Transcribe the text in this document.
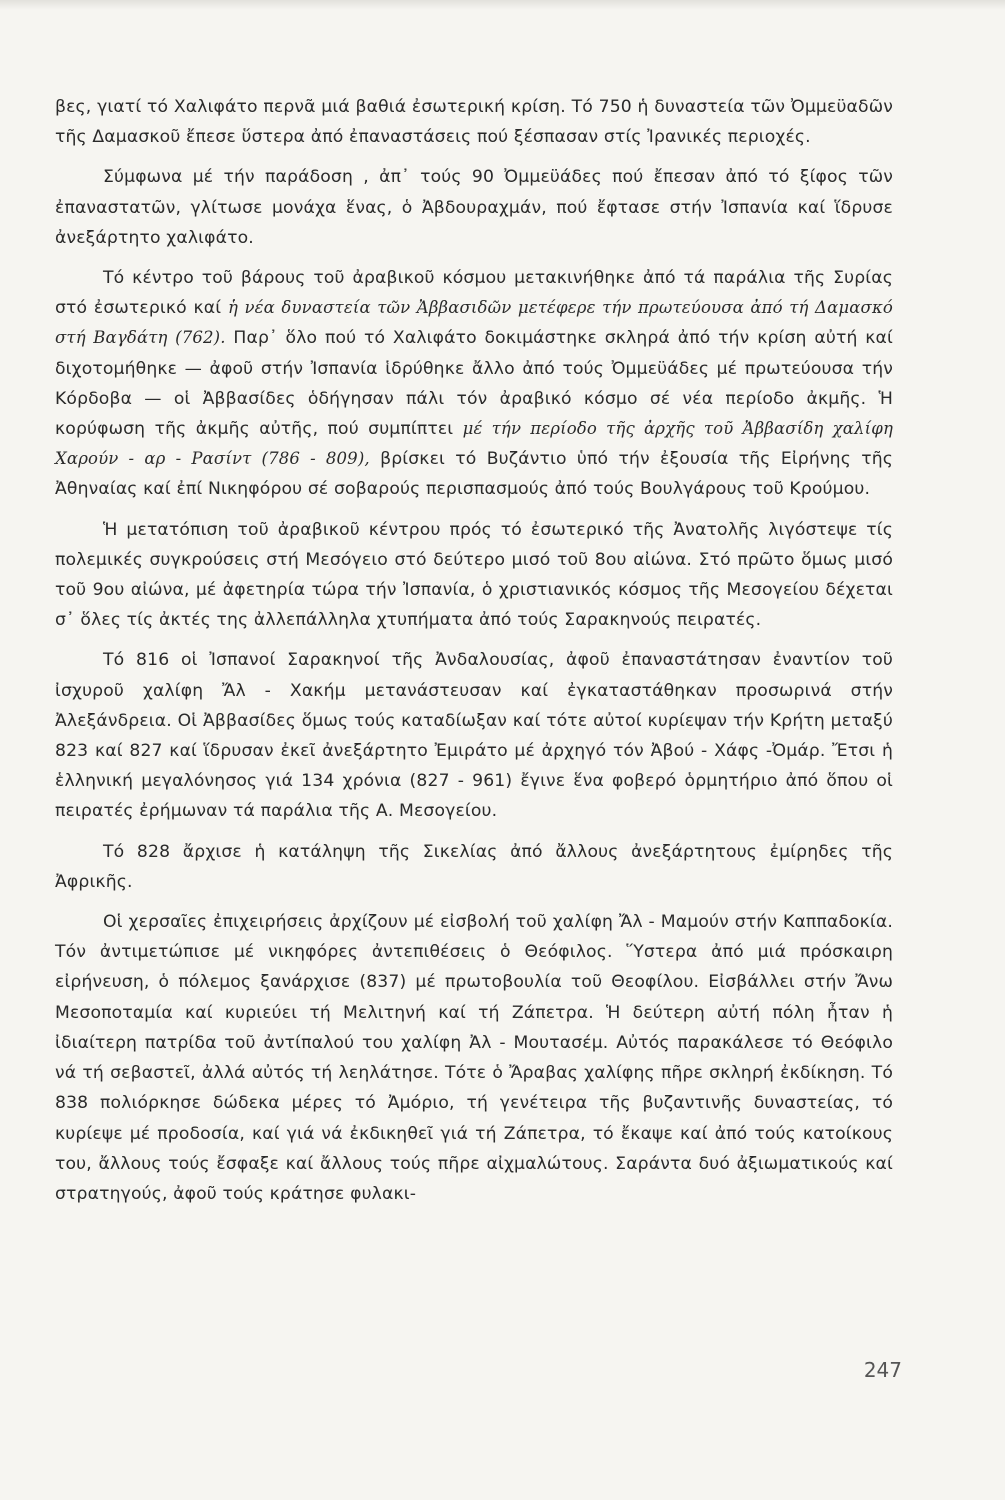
βες, γιατί τό Χαλιφάτο περνᾶ μιά βαθιά ἐσωτερική κρίση. Τό 750 ἡ δυναστεία τῶν Ὀμμεϋαδῶν τῆς Δαμασκοῦ ἔπεσε ὕστερα ἀπό ἐπαναστάσεις πού ξέσπασαν στίς Ἰρανικές περιοχές.

Σύμφωνα μέ τήν παράδοση , ἀπ᾿ τούς 90 Ὀμμεϋάδες πού ἔπεσαν ἀπό τό ξίφος τῶν ἐπαναστατῶν, γλίτωσε μονάχα ἕνας, ὁ Ἀβδουραχμάν, πού ἔφτασε στήν Ἰσπανία καί ἵδρυσε ἀνεξάρτητο χαλιφάτο.

Τό κέντρο τοῦ βάρους τοῦ ἀραβικοῦ κόσμου μετακινήθηκε ἀπό τά παράλια τῆς Συρίας στό ἐσωτερικό καί ἡ νέα δυναστεία τῶν Ἀββασιδῶν μετέφερε τήν πρωτεύουσα ἀπό τή Δαμασκό στή Βαγδάτη (762). Παρ᾿ ὅλο πού τό Χαλιφάτο δοκιμάστηκε σκληρά ἀπό τήν κρίση αὐτή καί διχοτομήθηκε — ἀφοῦ στήν Ἰσπανία ἱδρύθηκε ἄλλο ἀπό τούς Ὀμμεϋάδες μέ πρωτεύουσα τήν Κόρδοβα — οἱ Ἀββασίδες ὁδήγησαν πάλι τόν ἀραβικό κόσμο σέ νέα περίοδο ἀκμῆς. Ἡ κορύφωση τῆς ἀκμῆς αὐτῆς, πού συμπίπτει μέ τήν περίοδο τῆς ἀρχῆς τοῦ Ἀββασίδη χαλίφη Χαρούν - αρ - Ρασίντ (786 - 809), βρίσκει τό Βυζάντιο ὑπό τήν ἐξουσία τῆς Εἰρήνης τῆς Ἀθηναίας καί ἐπί Νικηφόρου σέ σοβαρούς περισπασμούς ἀπό τούς Βουλγάρους τοῦ Κρούμου.

Ἡ μετατόπιση τοῦ ἀραβικοῦ κέντρου πρός τό ἐσωτερικό τῆς Ἀνατολῆς λιγόστεψε τίς πολεμικές συγκρούσεις στή Μεσόγειο στό δεύτερο μισό τοῦ 8ου αἰώνα. Στό πρῶτο ὅμως μισό τοῦ 9ου αἰώνα, μέ ἀφετηρία τώρα τήν Ἰσπανία, ὁ χριστιανικός κόσμος τῆς Μεσογείου δέχεται σ᾿ ὅλες τίς ἀκτές της ἀλλεπάλληλα χτυπήματα ἀπό τούς Σαρακηνούς πειρατές.

Τό 816 οἱ Ἰσπανοί Σαρακηνοί τῆς Ἀνδαλουσίας, ἀφοῦ ἐπαναστάτησαν ἐναντίον τοῦ ἰσχυροῦ χαλίφη Ἄλ - Χακήμ μετανάστευσαν καί ἐγκαταστάθηκαν προσωρινά στήν Ἀλεξάνδρεια. Οἱ Ἀββασίδες ὅμως τούς καταδίωξαν καί τότε αὐτοί κυρίεψαν τήν Κρήτη μεταξύ 823 καί 827 καί ἵδρυσαν ἐκεῖ ἀνεξάρτητο Ἐμιράτο μέ ἀρχηγό τόν Ἀβού - Χάφς -Ὀμάρ. Ἔτσι ἡ ἑλληνική μεγαλόνησος γιά 134 χρόνια (827 - 961) ἔγινε ἕνα φοβερό ὁρμητήριο ἀπό ὅπου οἱ πειρατές ἐρήμωναν τά παράλια τῆς Α. Μεσογείου.

Τό 828 ἄρχισε ἡ κατάληψη τῆς Σικελίας ἀπό ἄλλους ἀνεξάρτητους ἐμίρηδες τῆς Ἀφρικῆς.

Οἱ χερσαῖες ἐπιχειρήσεις ἀρχίζουν μέ εἰσβολή τοῦ χαλίφη Ἄλ - Μαμούν στήν Καππαδοκία. Τόν ἀντιμετώπισε μέ νικηφόρες ἀντεπιθέσεις ὁ Θεόφιλος. Ὕστερα ἀπό μιά πρόσκαιρη εἰρήνευση, ὁ πόλεμος ξανάρχισε (837) μέ πρωτοβουλία τοῦ Θεοφίλου. Εἰσβάλλει στήν Ἄνω Μεσοποταμία καί κυριεύει τή Μελιτηνή καί τή Ζάπετρα. Ἡ δεύτερη αὐτή πόλη ἦταν ἡ ἰδιαίτερη πατρίδα τοῦ ἀντίπαλού του χαλίφη Ἀλ - Μουτασέμ. Αὐτός παρακάλεσε τό Θεόφιλο νά τή σεβαστεῖ, ἀλλά αὐτός τή λεηλάτησε. Τότε ὁ Ἄραβας χαλίφης πῆρε σκληρή ἐκδίκηση. Τό 838 πολιόρκησε δώδεκα μέρες τό Ἀμόριο, τή γενέτειρα τῆς βυζαντινῆς δυναστείας, τό κυρίεψε μέ προδοσία, καί γιά νά ἐκδικηθεῖ γιά τή Ζάπετρα, τό ἔκαψε καί ἀπό τούς κατοίκους του, ἄλλους τούς ἔσφαξε καί ἄλλους τούς πῆρε αἰχμαλώτους. Σαράντα δυό ἀξιωματικούς καί στρατηγούς, ἀφοῦ τούς κράτησε φυλακι-

247
